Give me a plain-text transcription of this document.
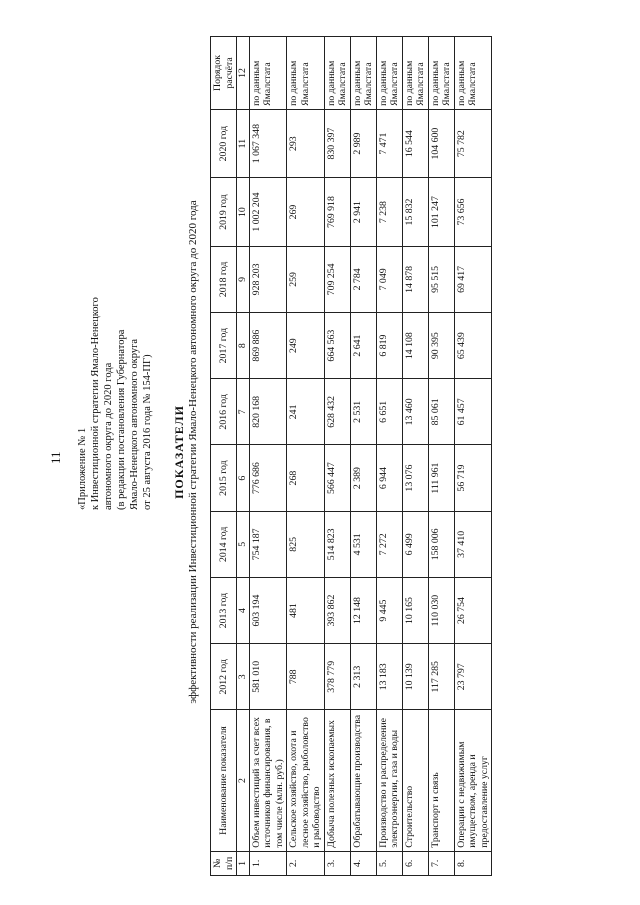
11 «Приложение № 1 к Инвестиционной стратегии Ямало-Ненецкого автономного округа до 2020 года (в редакции постановления Губернатора Ямало-Ненецкого автономного округа от 25 августа 2016 года № 154-ПГ) ПОКАЗАТЕЛИ эффективности реализации Инвестиционной стратегии Ямало-Ненецкого автономного округа до 2020 года
№ п/п	Наименование показателя	2012 год	2013 год	2014 год	2015 год	2016 год	2017 год	2018 год	2019 год	2020 год	Порядок расчёта
1	2	3	4	5	6	7	8	9	10	11	12
1.	Объем инвестиций за счет всех источников финансирования, в том числе (млн. руб.)	581 010	603 194	754 187	776 686	820 168	869 886	928 203	1 002 204	1 067 348	по данным Ямалстата
2.	Сельское хозяйство, охота и лесное хозяйство, рыболовство и рыбоводство	788	481	825	268	241	249	259	269	293	по данным Ямалстата
3.	Добыча полезных ископаемых	378 779	393 862	514 823	566 447	628 432	664 563	709 254	769 918	830 397	по данным Ямалстата
4.	Обрабатывающие производства	2 313	12 148	4 531	2 389	2 531	2 641	2 784	2 941	2 989	по данным Ямалстата
5.	Производство и распределение электроэнергии, газа и воды	13 183	9 445	7 272	6 944	6 651	6 819	7 049	7 238	7 471	по данным Ямалстата
6.	Строительство	10 139	10 165	6 499	13 076	13 460	14 108	14 878	15 832	16 544	по данным Ямалстата
7.	Транспорт и связь	117 285	110 030	158 006	111 961	85 061	90 395	95 515	101 247	104 600	по данным Ямалстата
8.	Операции с недвижимым имуществом, аренда и предоставление услуг	23 797	26 754	37 410	56 719	61 457	65 439	69 417	73 656	75 782	по данным Ямалстата
